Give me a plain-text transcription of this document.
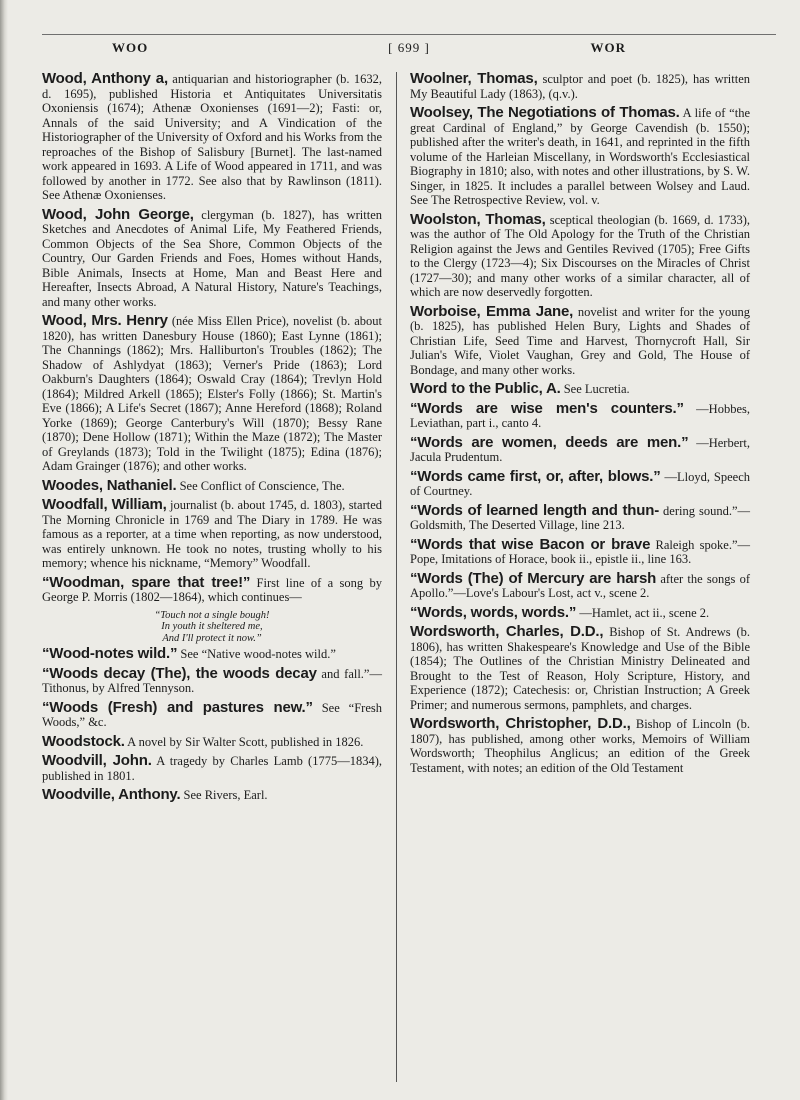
WOO	[ 699 ]	WOR

Wood, Anthony a, antiquarian and historiographer (b. 1632, d. 1695), published Historia et Antiquitates Universitatis Oxoniensis (1674); Athenæ Oxonienses (1691—2); Fasti: or, Annals of the said University; and A Vindication of the Historiographer of the University of Oxford and his Works from the reproaches of the Bishop of Salisbury [Burnet]. The last-named work appeared in 1693. A Life of Wood appeared in 1711, and was followed by another in 1772. See also that by Rawlinson (1811). See Athenæ Oxonienses.

Wood, John George, clergyman (b. 1827), has written Sketches and Anecdotes of Animal Life, My Feathered Friends, Common Objects of the Sea Shore, Common Objects of the Country, Our Garden Friends and Foes, Homes without Hands, Bible Animals, Insects at Home, Man and Beast Here and Hereafter, Insects Abroad, A Natural History, Nature's Teachings, and many other works.

Wood, Mrs. Henry (née Miss Ellen Price), novelist (b. about 1820), has written Danesbury House (1860); East Lynne (1861); The Channings (1862); Mrs. Halliburton's Troubles (1862); The Shadow of Ashlydyat (1863); Verner's Pride (1863); Lord Oakburn's Daughters (1864); Oswald Cray (1864); Trevlyn Hold (1864); Mildred Arkell (1865); Elster's Folly (1866); St. Martin's Eve (1866); A Life's Secret (1867); Anne Hereford (1868); Roland Yorke (1869); George Canterbury's Will (1870); Bessy Rane (1870); Dene Hollow (1871); Within the Maze (1872); The Master of Greylands (1873); Told in the Twilight (1875); Edina (1876); Adam Grainger (1876); and other works.

Woodes, Nathaniel. See Conflict of Conscience, The.

Woodfall, William, journalist (b. about 1745, d. 1803), started The Morning Chronicle in 1769 and The Diary in 1789. He was famous as a reporter, at a time when reporting, as now understood, was entirely unknown. He took no notes, trusting wholly to his memory; whence his nickname, “Memory” Woodfall.

“Woodman, spare that tree!” First line of a song by George P. Morris (1802—1864), which continues—

“Touch not a single bough!
In youth it sheltered me,
And I'll protect it now.”

“Wood-notes wild.” See “Native wood-notes wild.”

“Woods decay (The), the woods decay and fall.”—Tithonus, by Alfred Tennyson.

“Woods (Fresh) and pastures new.” See “Fresh Woods,” &c.

Woodstock. A novel by Sir Walter Scott, published in 1826.

Woodvill, John. A tragedy by Charles Lamb (1775—1834), published in 1801.

Woodville, Anthony. See Rivers, Earl.

Woolner, Thomas, sculptor and poet (b. 1825), has written My Beautiful Lady (1863), (q.v.).

Woolsey, The Negotiations of Thomas. A life of “the great Cardinal of England,” by George Cavendish (b. 1550); published after the writer's death, in 1641, and reprinted in the fifth volume of the Harleian Miscellany, in Wordsworth's Ecclesiastical Biography in 1810; also, with notes and other illustrations, by S. W. Singer, in 1825. It includes a parallel between Wolsey and Laud. See The Retrospective Review, vol. v.

Woolston, Thomas, sceptical theologian (b. 1669, d. 1733), was the author of The Old Apology for the Truth of the Christian Religion against the Jews and Gentiles Revived (1705); Free Gifts to the Clergy (1723—4); Six Discourses on the Miracles of Christ (1727—30); and many other works of a similar character, all of which are now deservedly forgotten.

Worboise, Emma Jane, novelist and writer for the young (b. 1825), has published Helen Bury, Lights and Shades of Christian Life, Seed Time and Harvest, Thornycroft Hall, Sir Julian's Wife, Violet Vaughan, Grey and Gold, The House of Bondage, and many other works.

Word to the Public, A. See Lucretia.

“Words are wise men's counters.” —Hobbes, Leviathan, part i., canto 4.

“Words are women, deeds are men.” —Herbert, Jacula Prudentum.

“Words came first, or, after, blows.” —Lloyd, Speech of Courtney.

“Words of learned length and thun- dering sound.”—Goldsmith, The Deserted Village, line 213.

“Words that wise Bacon or brave Raleigh spoke.”—Pope, Imitations of Horace, book ii., epistle ii., line 163.

“Words (The) of Mercury are harsh after the songs of Apollo.”—Love's Labour's Lost, act v., scene 2.

“Words, words, words.” —Hamlet, act ii., scene 2.

Wordsworth, Charles, D.D., Bishop of St. Andrews (b. 1806), has written Shakespeare's Knowledge and Use of the Bible (1854); The Outlines of the Christian Ministry Delineated and Brought to the Test of Reason, Holy Scripture, History, and Experience (1872); Catechesis: or, Christian Instruction; A Greek Primer; and numerous sermons, pamphlets, and charges.

Wordsworth, Christopher, D.D., Bishop of Lincoln (b. 1807), has published, among other works, Memoirs of William Wordsworth; Theophilus Anglicus; an edition of the Greek Testament, with notes; an edition of the Old Testament
